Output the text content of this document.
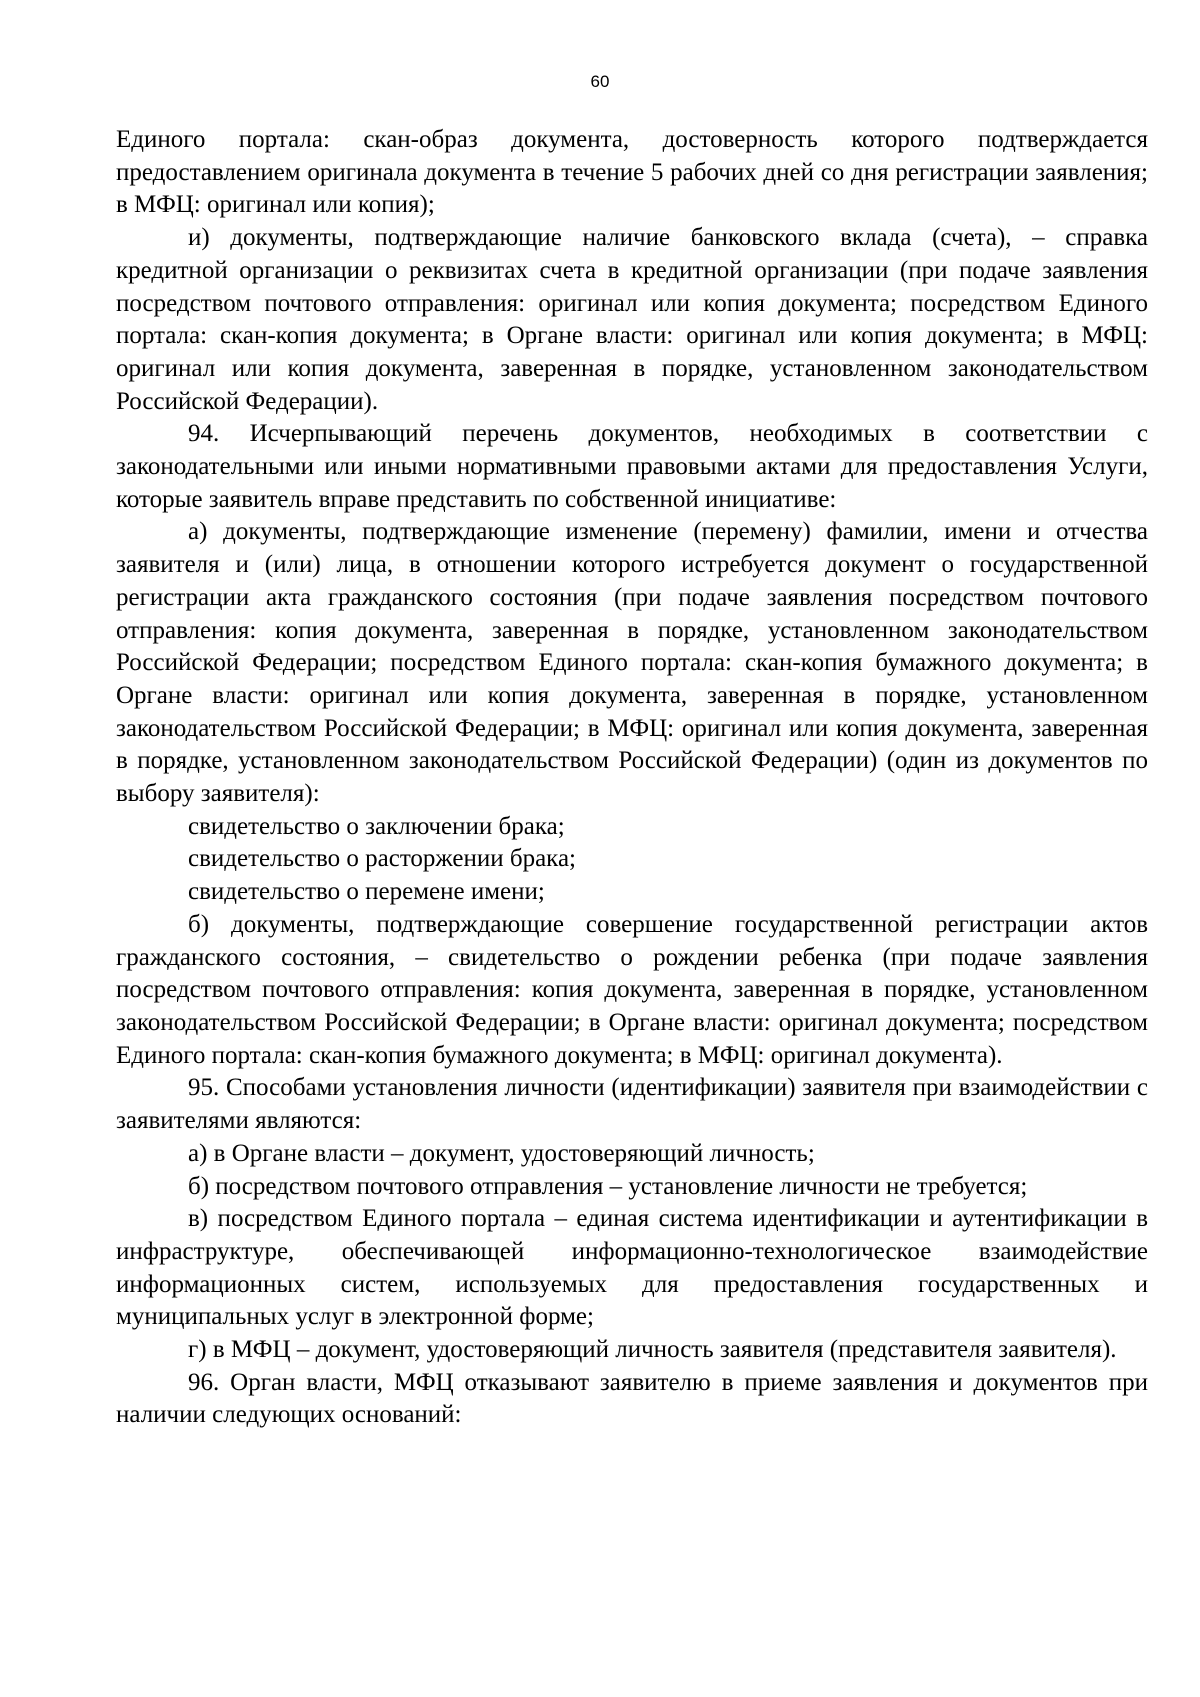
60

Единого портала: скан-образ документа, достоверность которого подтверждается предоставлением оригинала документа в течение 5 рабочих дней со дня регистрации заявления; в МФЦ: оригинал или копия);

и) документы, подтверждающие наличие банковского вклада (счета), – справка кредитной организации о реквизитах счета в кредитной организации (при подаче заявления посредством почтового отправления: оригинал или копия документа; посредством Единого портала: скан-копия документа; в Органе власти: оригинал или копия документа; в МФЦ: оригинал или копия документа, заверенная в порядке, установленном законодательством Российской Федерации).

94. Исчерпывающий перечень документов, необходимых в соответствии с законодательными или иными нормативными правовыми актами для предоставления Услуги, которые заявитель вправе представить по собственной инициативе:

а) документы, подтверждающие изменение (перемену) фамилии, имени и отчества заявителя и (или) лица, в отношении которого истребуется документ о государственной регистрации акта гражданского состояния (при подаче заявления посредством почтового отправления: копия документа, заверенная в порядке, установленном законодательством Российской Федерации; посредством Единого портала: скан-копия бумажного документа; в Органе власти: оригинал или копия документа, заверенная в порядке, установленном законодательством Российской Федерации; в МФЦ: оригинал или копия документа, заверенная в порядке, установленном законодательством Российской Федерации) (один из документов по выбору заявителя):

свидетельство о заключении брака;

свидетельство о расторжении брака;

свидетельство о перемене имени;

б) документы, подтверждающие совершение государственной регистрации актов гражданского состояния, – свидетельство о рождении ребенка (при подаче заявления посредством почтового отправления: копия документа, заверенная в порядке, установленном законодательством Российской Федерации; в Органе власти: оригинал документа; посредством Единого портала: скан-копия бумажного документа; в МФЦ: оригинал документа).

95. Способами установления личности (идентификации) заявителя при взаимодействии с заявителями являются:

а) в Органе власти – документ, удостоверяющий личность;

б) посредством почтового отправления – установление личности не требуется;

в) посредством Единого портала – единая система идентификации и аутентификации в инфраструктуре, обеспечивающей информационно-технологическое взаимодействие информационных систем, используемых для предоставления государственных и муниципальных услуг в электронной форме;

г) в МФЦ – документ, удостоверяющий личность заявителя (представителя заявителя).

96. Орган власти, МФЦ отказывают заявителю в приеме заявления и документов при наличии следующих оснований:
